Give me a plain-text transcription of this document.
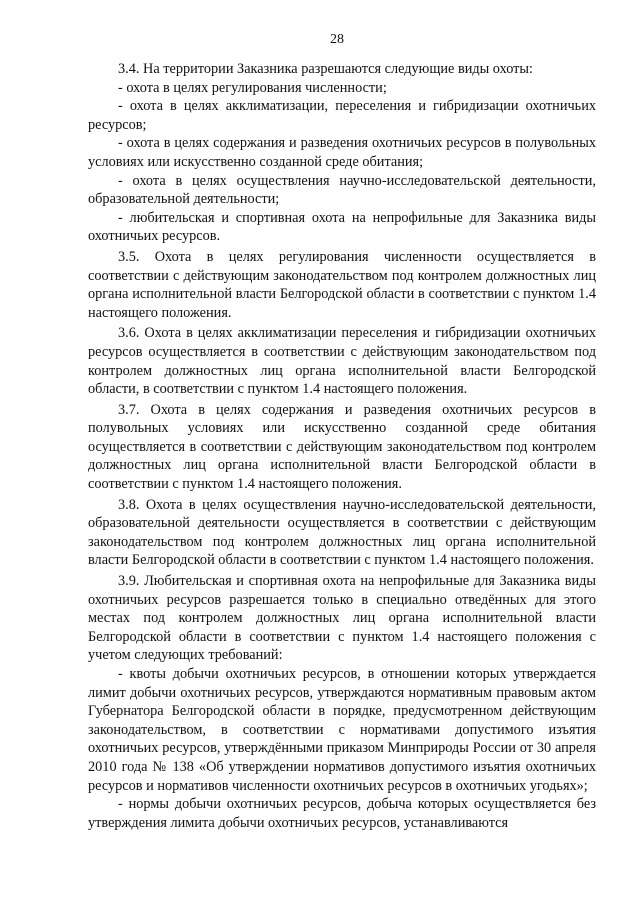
28

3.4. На территории Заказника разрешаются следующие виды охоты:

- охота в целях регулирования численности;

- охота в целях акклиматизации, переселения и гибридизации охотничьих ресурсов;

- охота в целях содержания и разведения охотничьих ресурсов в полувольных условиях или искусственно созданной среде обитания;

- охота в целях осуществления научно-исследовательской деятельности, образовательной деятельности;

- любительская и спортивная охота на непрофильные для Заказника виды охотничьих ресурсов.

3.5. Охота в целях регулирования численности осуществляется в соответствии с действующим законодательством под контролем должностных лиц органа исполнительной власти Белгородской области в соответствии с пунктом 1.4 настоящего положения.

3.6. Охота в целях акклиматизации переселения и гибридизации охотничьих ресурсов осуществляется в соответствии с действующим законодательством под контролем должностных лиц органа исполнительной власти Белгородской области, в соответствии с пунктом 1.4 настоящего положения.

3.7. Охота в целях содержания и разведения охотничьих ресурсов в полувольных условиях или искусственно созданной среде обитания осуществляется в соответствии с действующим законодательством под контролем должностных лиц органа исполнительной власти Белгородской области в соответствии с пунктом 1.4 настоящего положения.

3.8. Охота в целях осуществления научно-исследовательской деятельности, образовательной деятельности осуществляется в соответствии с действующим законодательством под контролем должностных лиц органа исполнительной власти Белгородской области в соответствии с пунктом 1.4 настоящего положения.

3.9. Любительская и спортивная охота на непрофильные для Заказника виды охотничьих ресурсов разрешается только в специально отведённых для этого местах под контролем должностных лиц органа исполнительной власти Белгородской области в соответствии с пунктом 1.4 настоящего положения с учетом следующих требований:

- квоты добычи охотничьих ресурсов, в отношении которых утверждается лимит добычи охотничьих ресурсов, утверждаются нормативным правовым актом Губернатора Белгородской области в порядке, предусмотренном действующим законодательством, в соответствии с нормативами допустимого изъятия охотничьих ресурсов, утверждёнными приказом Минприроды России от 30 апреля 2010 года № 138 «Об утверждении нормативов допустимого изъятия охотничьих ресурсов и нормативов численности охотничьих ресурсов в охотничьих угодьях»;

- нормы добычи охотничьих ресурсов, добыча которых осуществляется без утверждения лимита добычи охотничьих ресурсов, устанавливаются
